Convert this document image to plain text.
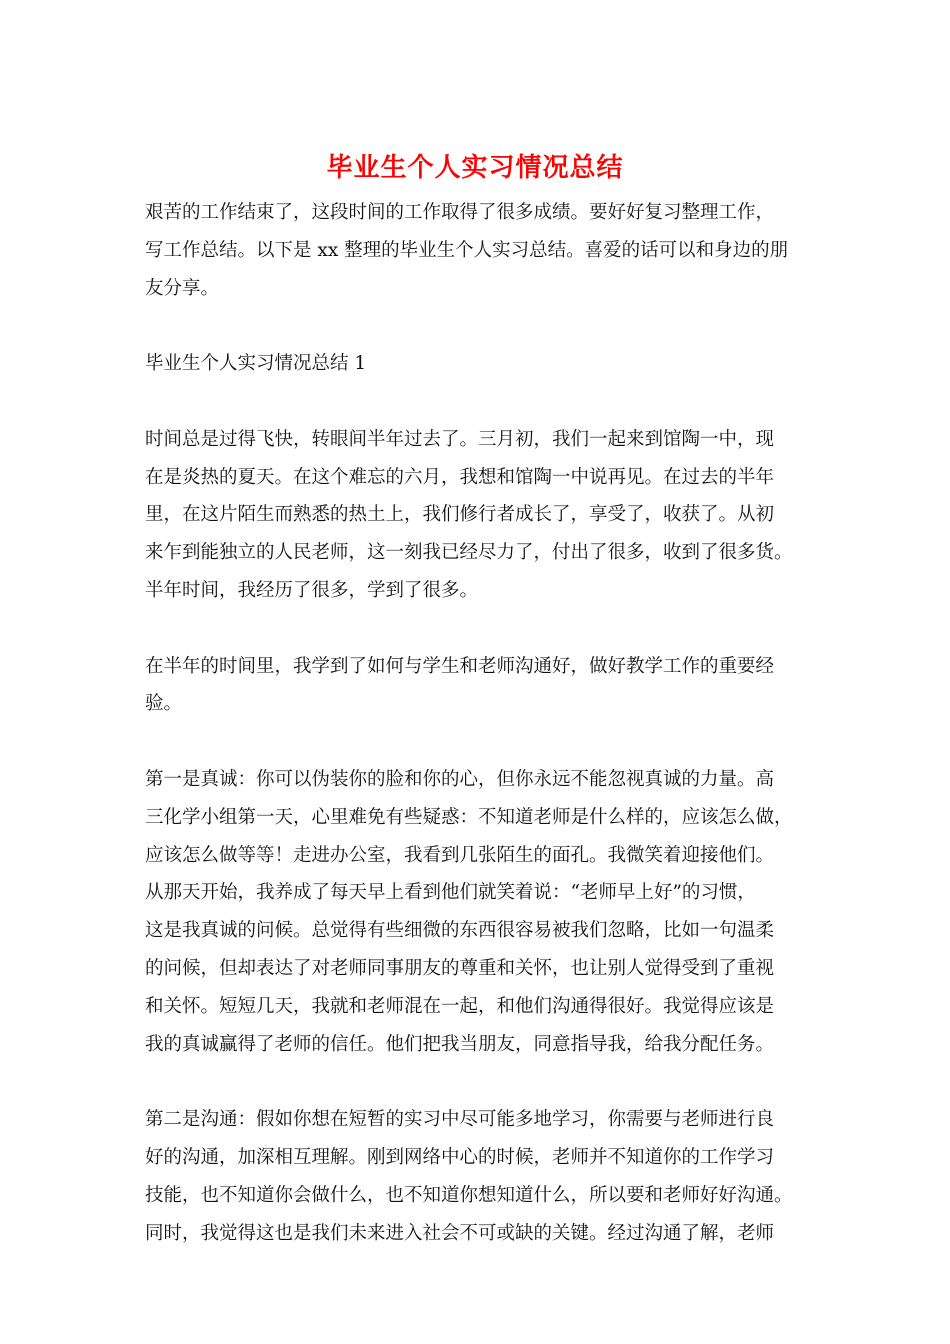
毕业生个人实习情况总结

艰苦的工作结束了，这段时间的工作取得了很多成绩。要好好复习整理工作，
写工作总结。以下是 xx 整理的毕业生个人实习总结。喜爱的话可以和身边的朋
友分享。

毕业生个人实习情况总结 1

时间总是过得飞快，转眼间半年过去了。三月初，我们一起来到馆陶一中，现
在是炎热的夏天。在这个难忘的六月，我想和馆陶一中说再见。在过去的半年
里，在这片陌生而熟悉的热土上，我们修行者成长了，享受了，收获了。从初
来乍到能独立的人民老师，这一刻我已经尽力了，付出了很多，收到了很多货。
半年时间，我经历了很多，学到了很多。

在半年的时间里，我学到了如何与学生和老师沟通好，做好教学工作的重要经
验。

第一是真诚：你可以伪装你的脸和你的心，但你永远不能忽视真诚的力量。高
三化学小组第一天，心里难免有些疑惑：不知道老师是什么样的，应该怎么做，
应该怎么做等等！走进办公室，我看到几张陌生的面孔。我微笑着迎接他们。
从那天开始，我养成了每天早上看到他们就笑着说：“老师早上好”的习惯，
这是我真诚的问候。总觉得有些细微的东西很容易被我们忽略，比如一句温柔
的问候，但却表达了对老师同事朋友的尊重和关怀，也让别人觉得受到了重视
和关怀。短短几天，我就和老师混在一起，和他们沟通得很好。我觉得应该是
我的真诚赢得了老师的信任。他们把我当朋友，同意指导我，给我分配任务。

第二是沟通：假如你想在短暂的实习中尽可能多地学习，你需要与老师进行良
好的沟通，加深相互理解。刚到网络中心的时候，老师并不知道你的工作学习
技能，也不知道你会做什么，也不知道你想知道什么，所以要和老师好好沟通。
同时，我觉得这也是我们未来进入社会不可或缺的关键。经过沟通了解，老师
